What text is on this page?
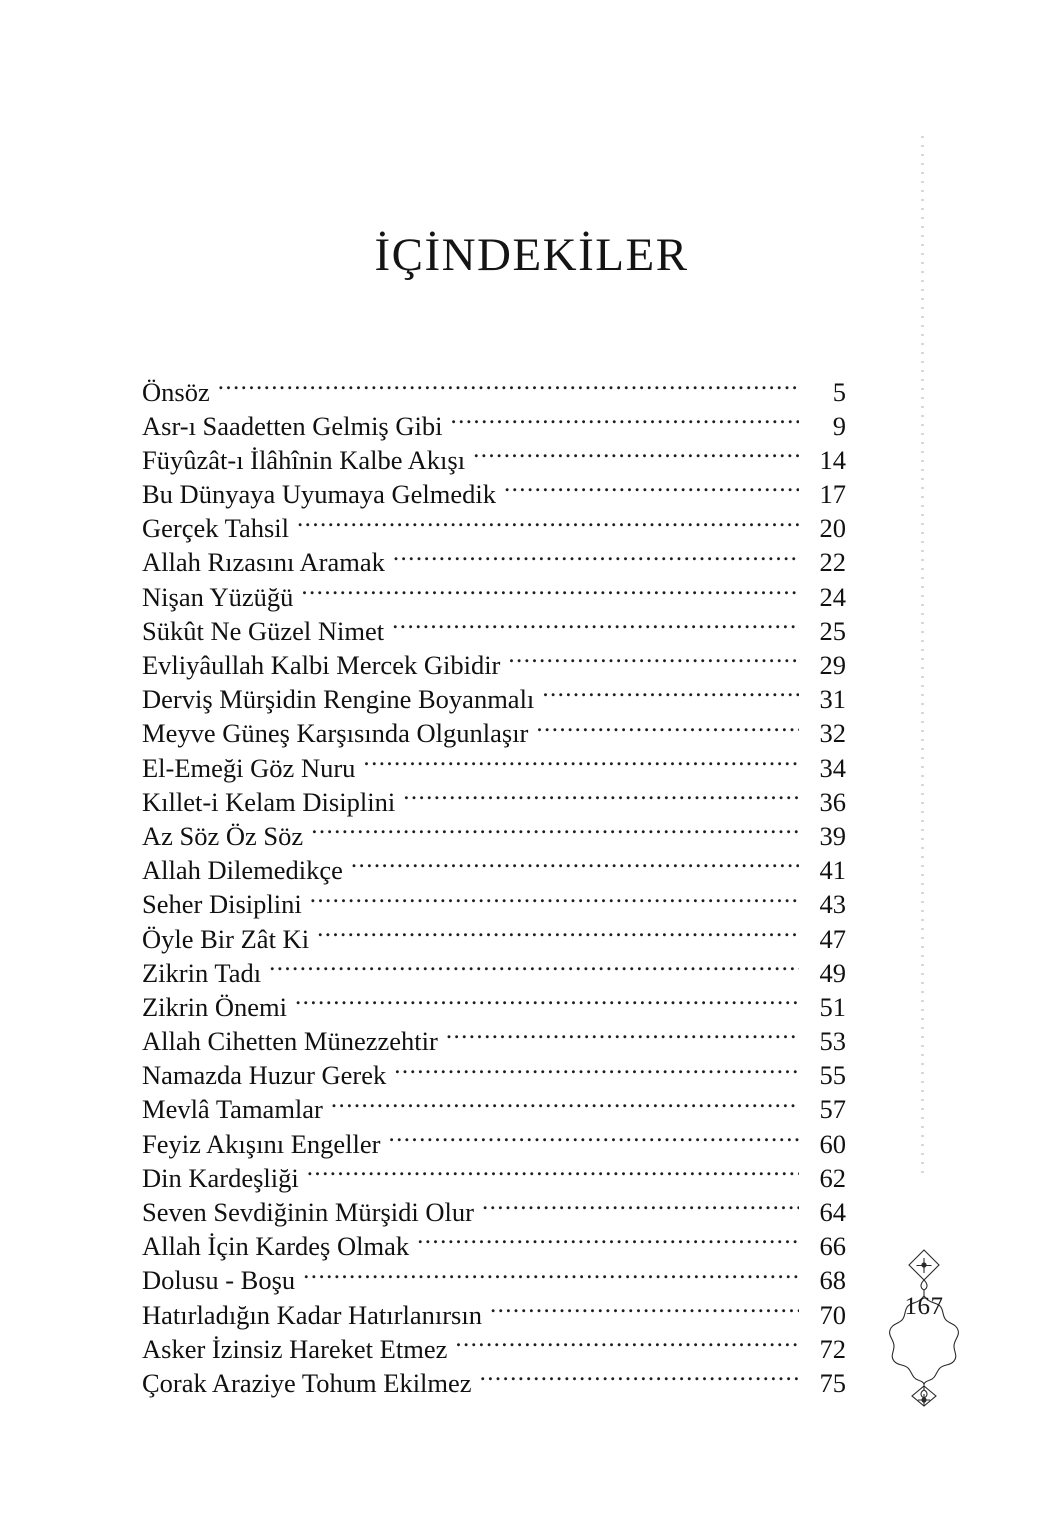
İÇİNDEKİLER
Önsöz .....	5
Asr-ı Saadetten Gelmiş Gibi .....	9
Füyûzât-ı İlâhînin Kalbe Akışı .....	14
Bu Dünyaya Uyumaya Gelmedik .....	17
Gerçek Tahsil .....	20
Allah Rızasını Aramak .....	22
Nişan Yüzüğü .....	24
Sükût Ne Güzel Nimet .....	25
Evliyâullah Kalbi Mercek Gibidir .....	29
Derviş Mürşidin Rengine Boyanmalı .....	31
Meyve Güneş Karşısında Olgunlaşır .....	32
El-Emeği Göz Nuru .....	34
Kıllet-i Kelam Disiplini .....	36
Az Söz Öz Söz .....	39
Allah Dilemedikçe .....	41
Seher Disiplini .....	43
Öyle Bir Zât Ki .....	47
Zikrin Tadı .....	49
Zikrin Önemi .....	51
Allah Cihetten Münezzehtir .....	53
Namazda Huzur Gerek .....	55
Mevlâ Tamamlar .....	57
Feyiz Akışını Engeller .....	60
Din Kardeşliği .....	62
Seven Sevdiğinin Mürşidi Olur .....	64
Allah İçin Kardeş Olmak .....	66
Dolusu - Boşu .....	68
Hatırladığın Kadar Hatırlanırsın .....	70
Asker İzinsiz Hareket Etmez .....	72
Çorak Araziye Tohum Ekilmez .....	75
167
